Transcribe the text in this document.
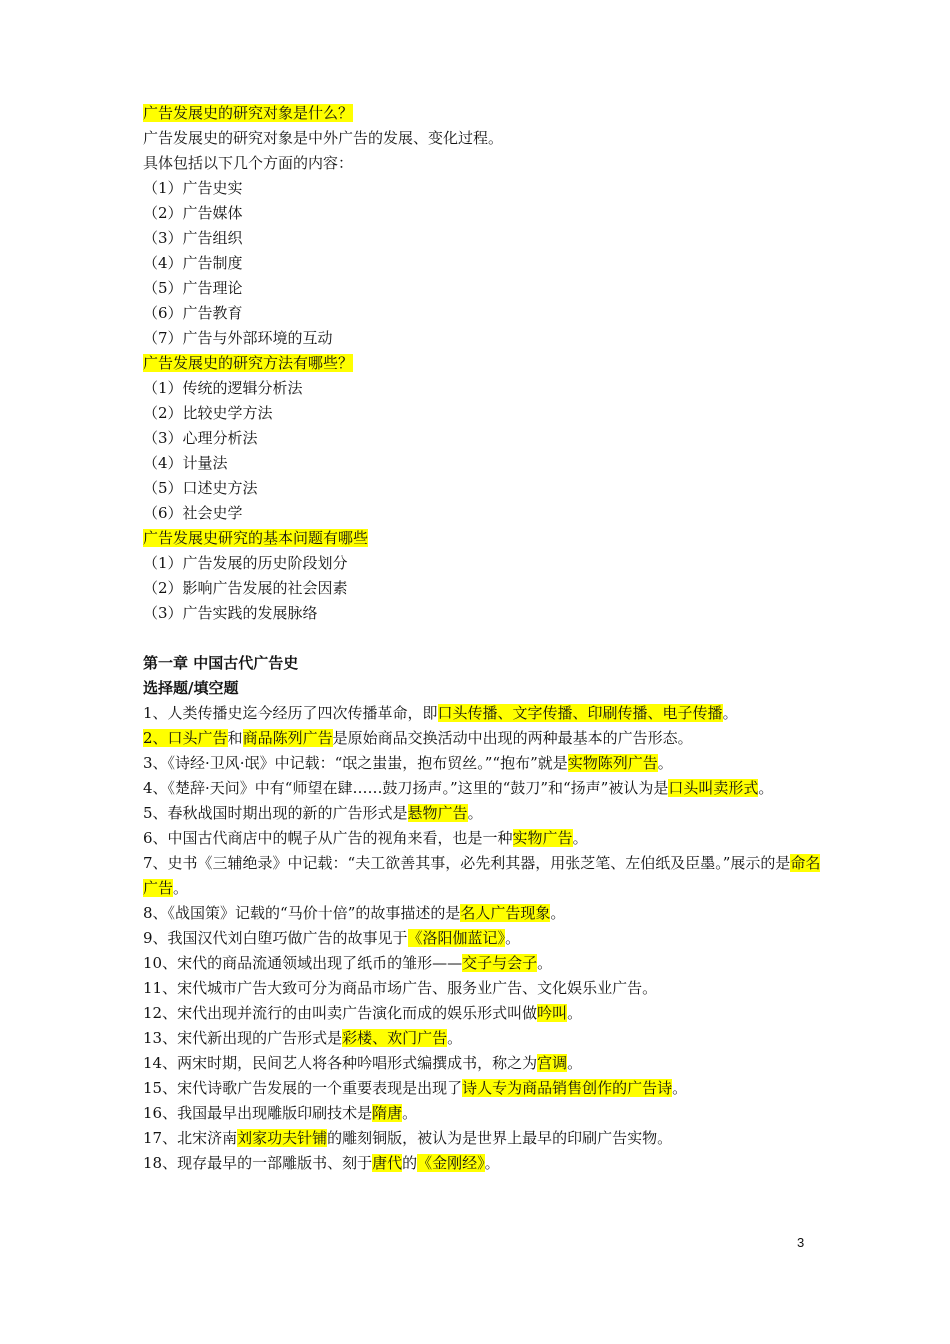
广告发展史的研究对象是什么？
广告发展史的研究对象是中外广告的发展、变化过程。
具体包括以下几个方面的内容：
（1）广告史实
（2）广告媒体
（3）广告组织
（4）广告制度
（5）广告理论
（6）广告教育
（7）广告与外部环境的互动
广告发展史的研究方法有哪些？
（1）传统的逻辑分析法
（2）比较史学方法
（3）心理分析法
（4）计量法
（5）口述史方法
（6）社会史学
广告发展史研究的基本问题有哪些
（1）广告发展的历史阶段划分
（2）影响广告发展的社会因素
（3）广告实践的发展脉络
第一章 中国古代广告史
选择题/填空题
1、人类传播史迄今经历了四次传播革命，即口头传播、文字传播、印刷传播、电子传播。
2、口头广告和商品陈列广告是原始商品交换活动中出现的两种最基本的广告形态。
3、《诗经·卫风·氓》中记载：“氓之蚩蚩，抱布贸丝。”“抱布”就是实物陈列广告。
4、《楚辞·天问》中有“师望在肆……鼓刀扬声。”这里的“鼓刀”和“扬声”被认为是口头叫卖形式。
5、春秋战国时期出现的新的广告形式是悬物广告。
6、中国古代商店中的幌子从广告的视角来看，也是一种实物广告。
7、史书《三辅绝录》中记载：“夫工欲善其事，必先利其器，用张芝笔、左伯纸及臣墨。”展示的是命名广告。
8、《战国策》记载的“马价十倍”的故事描述的是名人广告现象。
9、我国汉代刘白堕巧做广告的故事见于《洛阳伽蓝记》。
10、宋代的商品流通领域出现了纸币的雏形——交子与会子。
11、宋代城市广告大致可分为商品市场广告、服务业广告、文化娱乐业广告。
12、宋代出现并流行的由叫卖广告演化而成的娱乐形式叫做吟叫。
13、宋代新出现的广告形式是彩楼、欢门广告。
14、两宋时期，民间艺人将各种吟唱形式编撰成书，称之为宫调。
15、宋代诗歌广告发展的一个重要表现是出现了诗人专为商品销售创作的广告诗。
16、我国最早出现雕版印刷技术是隋唐。
17、北宋济南刘家功夫针铺的雕刻铜版，被认为是世界上最早的印刷广告实物。
18、现存最早的一部雕版书、刻于唐代的《金刚经》。
3
